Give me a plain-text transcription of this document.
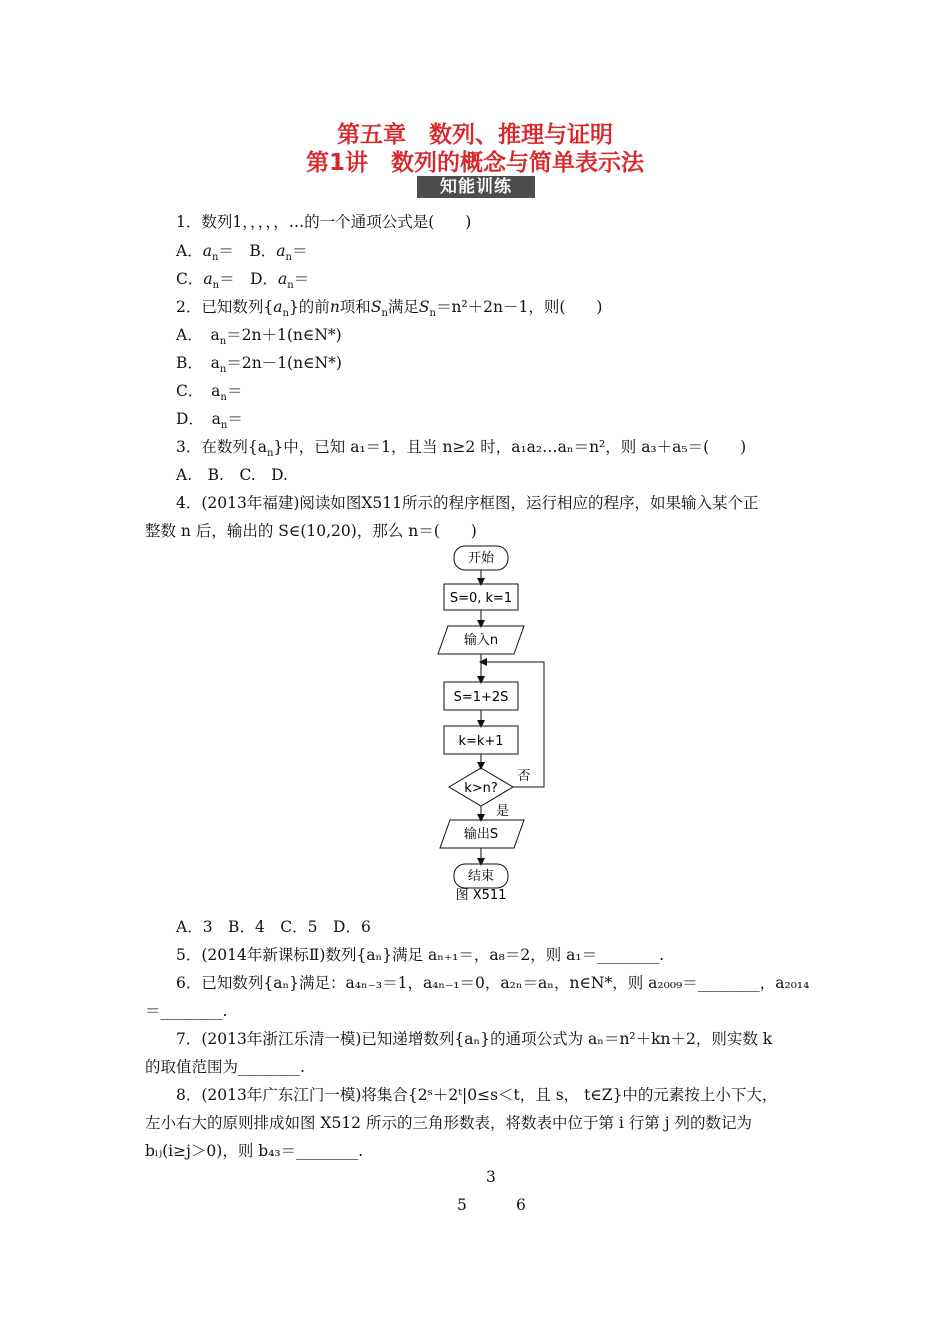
第五章　数列、推理与证明
第1讲　数列的概念与简单表示法
知能训练
1．数列1，，，，，…的一个通项公式是(　　)
A．$a_n=$　B．$a_n=$
C．$a_n=$　D．$a_n=$
2．已知数列$\{a_n\}$的前n项和$S_n$满足$S_n=n^2+2n-1$，则(　　)
A．　$a_n=2n+1(n\in N*)$
B．　$a_n=2n-1(n\in N*)$
C．　$a_n=$
D．　$a_n=$
3．在数列$\{a_n\}$中，已知 a₁＝1，且当 n≥2 时，a₁a₂…aₙ＝n²，则 a₃＋a₅＝(　　)
A.　B.　C.　D.
4．(2013年福建)阅读如图X511所示的程序框图，运行相应的程序，如果输入某个正
整数 n 后，输出的 S∈(10,20)，那么 n＝(　　)
开始
S=0, k=1
输入n
S=1+2S
k=k+1
k>n?
否
是
输出S
结束
图 X511
A．3　B．4　C．5　D．6
5．(2014年新课标Ⅱ)数列{aₙ}满足 aₙ₊₁＝，a₈＝2，则 a₁＝________.
6．已知数列{aₙ}满足：a₄ₙ₋₃＝1，a₄ₙ₋₁＝0，a₂ₙ＝aₙ，n∈N*，则 a₂₀₀₉＝________，a₂₀₁₄
＝________.
7．(2013年浙江乐清一模)已知递增数列{aₙ}的通项公式为 aₙ＝n²＋kn＋2，则实数 k
的取值范围为________.
8．(2013年广东江门一模)将集合{2ˢ＋2ᵗ|0≤s＜t，且 s， t∈Z}中的元素按上小下大，
左小右大的原则排成如图 X512 所示的三角形数表，将数表中位于第 i 行第 j 列的数记为
bᵢⱼ(i≥j＞0)，则 b₄₃＝________.
3
5	6
